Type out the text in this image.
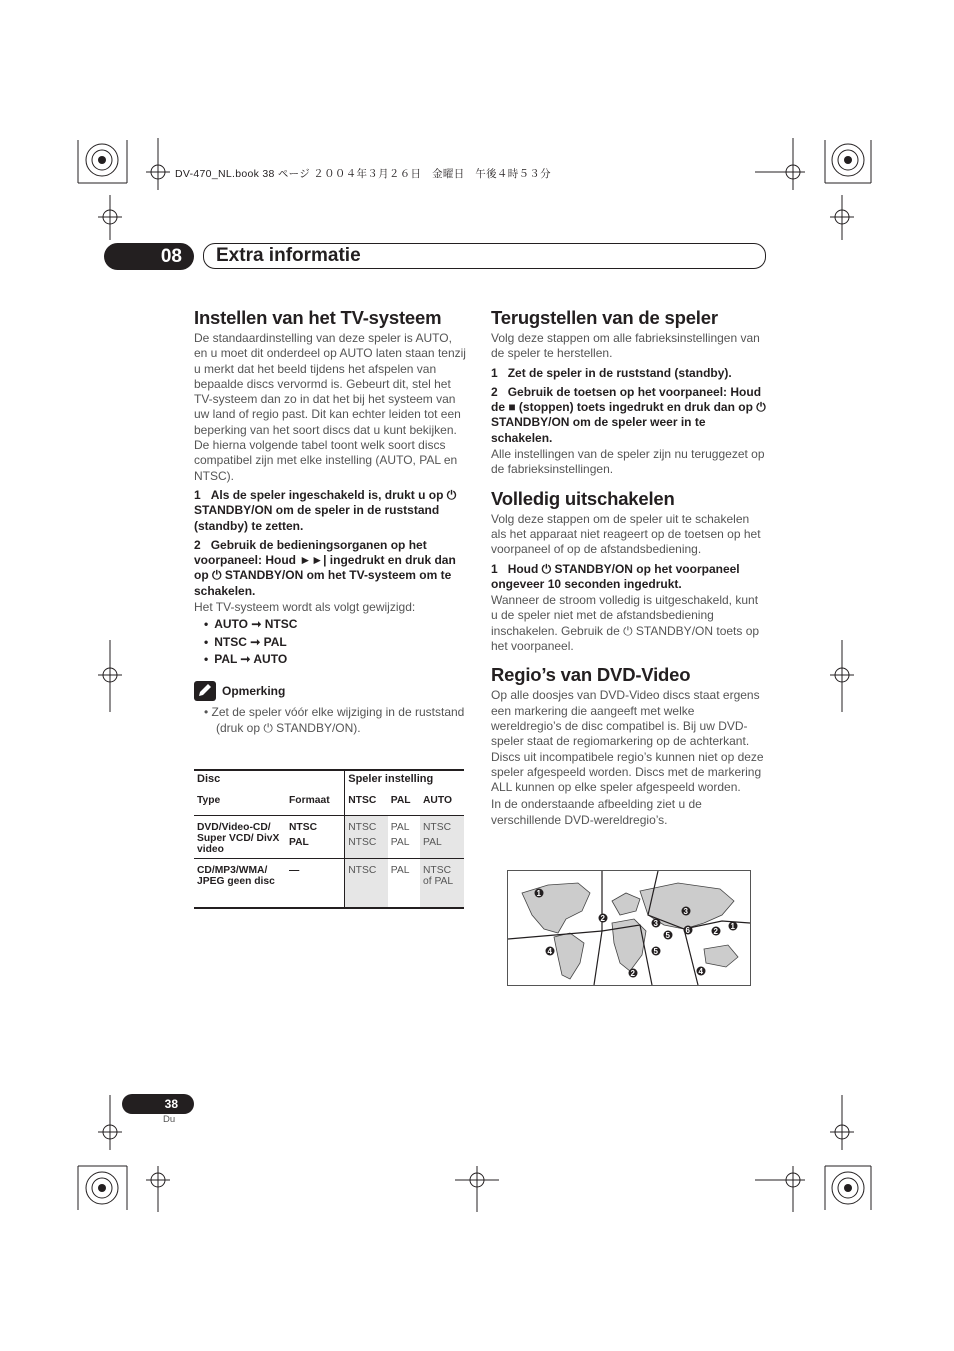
DV-470_NL.book 38 ページ ２００４年３月２６日　金曜日　午後４時５３分
08	Extra informatie
Instellen van het TV-systeem

De standaardinstelling van deze speler is AUTO, en u moet dit onderdeel op AUTO laten staan tenzij u merkt dat het beeld tijdens het afspelen van bepaalde discs vervormd is. Gebeurt dit, stel het TV-systeem dan zo in dat het bij het systeem van uw land of regio past. Dit kan echter leiden tot een beperking van het soort discs dat u kunt bekijken. De hierna volgende tabel toont welk soort discs compatibel zijn met elke instelling (AUTO, PAL en NTSC).

1 Als de speler ingeschakeld is, drukt u op ⏻ STANDBY/ON om de speler in de ruststand (standby) te zetten.

2 Gebruik de bedieningsorganen op het voorpaneel: Houd ►►| ingedrukt en druk dan op ⏻ STANDBY/ON om het TV-systeem om te schakelen.

Het TV-systeem wordt als volgt gewijzigd:

• AUTO ➞ NTSC
• NTSC ➞ PAL
• PAL ➞ AUTO
Opmerking

• Zet de speler vóór elke wijziging in de ruststand (druk op ⏻ STANDBY/ON).

Disc		Speler instelling		
Type	Formaat	NTSC	PAL	AUTO
DVD/Video-CD/ Super VCD/ DivX video	NTSC	NTSC	PAL	NTSC
	PAL	NTSC	PAL	PAL
CD/MP3/WMA/ JPEG geen disc	—	NTSC	PAL	NTSC of PAL
Terugstellen van de speler

Volg deze stappen om alle fabrieksinstellingen van de speler te herstellen.

1 Zet de speler in de ruststand (standby).

2 Gebruik de toetsen op het voorpaneel: Houd de ■ (stoppen) toets ingedrukt en druk dan op ⏻ STANDBY/ON om de speler weer in te schakelen.

Alle instellingen van de speler zijn nu teruggezet op de fabrieksinstellingen.

Volledig uitschakelen

Volg deze stappen om de speler uit te schakelen als het apparaat niet reageert op de toetsen op het voorpaneel of op de afstandsbediening.

1 Houd ⏻ STANDBY/ON op het voorpaneel ongeveer 10 seconden ingedrukt.

Wanneer de stroom volledig is uitgeschakeld, kunt u de speler niet met de afstandsbediening inschakelen. Gebruik de ⏻ STANDBY/ON toets op het voorpaneel.

Regio’s van DVD-Video

Op alle doosjes van DVD-Video discs staat ergens een markering die aangeeft met welke wereldregio’s de disc compatibel is. Bij uw DVD-speler staat de regiomarkering op de achterkant. Discs uit incompatibele regio’s kunnen niet op deze speler afgespeeld worden. Discs met de markering ALL kunnen op elke speler afgespeeld worden.

In de onderstaande afbeelding ziet u de verschillende DVD-wereldregio’s.

1
2
3
4	5
6
2
3
4
5	2
1
38
Du
